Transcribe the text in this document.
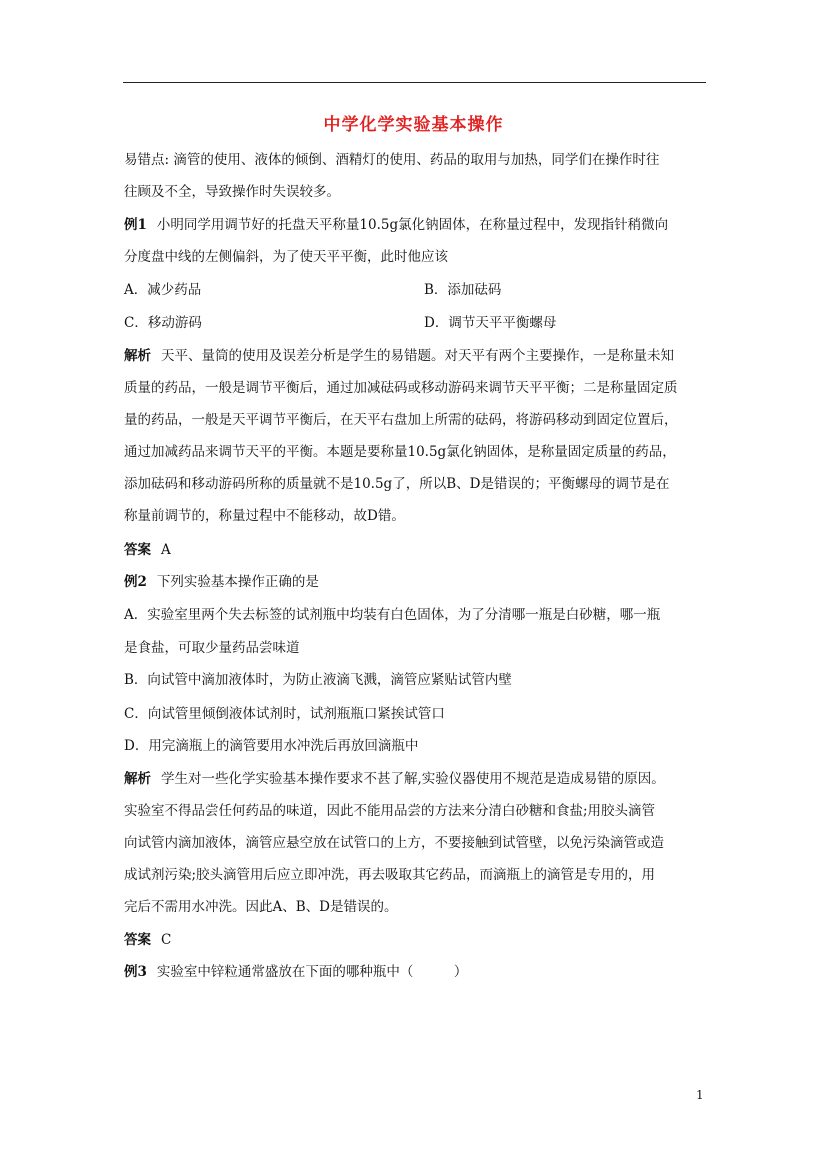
中学化学实验基本操作
易错点: 滴管的使用、液体的倾倒、酒精灯的使用、药品的取用与加热，同学们在操作时往
往顾及不全，导致操作时失误较多。
例1 小明同学用调节好的托盘天平称量10.5g氯化钠固体，在称量过程中，发现指针稍微向
分度盘中线的左侧偏斜，为了使天平平衡，此时他应该
A．减少药品	B．添加砝码
C．移动游码	D．调节天平平衡螺母
解析 天平、量筒的使用及误差分析是学生的易错题。对天平有两个主要操作，一是称量未知
质量的药品，一般是调节平衡后，通过加减砝码或移动游码来调节天平平衡；二是称量固定质
量的药品，一般是天平调节平衡后，在天平右盘加上所需的砝码，将游码移动到固定位置后，
通过加减药品来调节天平的平衡。本题是要称量10.5g氯化钠固体，是称量固定质量的药品，
添加砝码和移动游码所称的质量就不是10.5g了，所以B、D是错误的；平衡螺母的调节是在
称量前调节的，称量过程中不能移动，故D错。
答案 A
例2 下列实验基本操作正确的是
A．实验室里两个失去标签的试剂瓶中均装有白色固体，为了分清哪一瓶是白砂糖，哪一瓶
是食盐，可取少量药品尝味道
B．向试管中滴加液体时，为防止液滴飞溅，滴管应紧贴试管内壁
C．向试管里倾倒液体试剂时，试剂瓶瓶口紧挨试管口
D．用完滴瓶上的滴管要用水冲洗后再放回滴瓶中
解析 学生对一些化学实验基本操作要求不甚了解,实验仪器使用不规范是造成易错的原因。
实验室不得品尝任何药品的味道，因此不能用品尝的方法来分清白砂糖和食盐;用胶头滴管
向试管内滴加液体，滴管应悬空放在试管口的上方，不要接触到试管壁，以免污染滴管或造
成试剂污染;胶头滴管用后应立即冲洗，再去吸取其它药品，而滴瓶上的滴管是专用的，用
完后不需用水冲洗。因此A、B、D是错误的。
答案 C
例3 实验室中锌粒通常盛放在下面的哪种瓶中（　　　）
1
